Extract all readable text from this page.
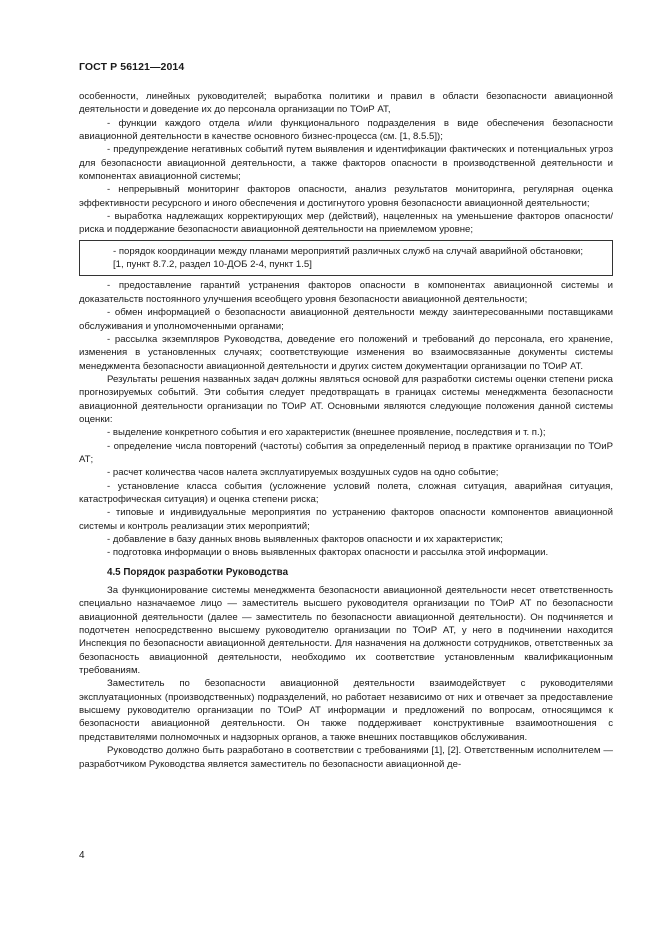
ГОСТ Р 56121—2014

особенности, линейных руководителей; выработка политики и правил в области безопасности авиационной деятельности и доведение их до персонала организации по ТОиР АТ,

- функции каждого отдела и/или функционального подразделения в виде обеспечения безопасности авиационной деятельности в качестве основного бизнес-процесса (см. [1, 8.5.5]);

- предупреждение негативных событий путем выявления и идентификации фактических и потенциальных угроз для безопасности авиационной деятельности, а также факторов опасности в производственной деятельности и компонентах авиационной системы;

- непрерывный мониторинг факторов опасности, анализ результатов мониторинга, регулярная оценка эффективности ресурсного и иного обеспечения и достигнутого уровня безопасности авиационной деятельности;

- выработка надлежащих корректирующих мер (действий), нацеленных на уменьшение факторов опасности/риска и поддержание безопасности авиационной деятельности на приемлемом уровне;

- порядок координации между планами мероприятий различных служб на случай аварийной обстановки;

[1, пункт 8.7.2, раздел 10-ДОБ 2-4, пункт 1.5]

- предоставление гарантий устранения факторов опасности в компонентах авиационной системы и доказательств постоянного улучшения всеобщего уровня безопасности авиационной деятельности;

- обмен информацией о безопасности авиационной деятельности между заинтересованными поставщиками обслуживания и уполномоченными органами;

- рассылка экземпляров Руководства, доведение его положений и требований до персонала, его хранение, изменения в установленных случаях; соответствующие изменения во взаимосвязанные документы системы менеджмента безопасности авиационной деятельности и других систем документации организации по ТОиР АТ.

Результаты решения названных задач должны являться основой для разработки системы оценки степени риска прогнозируемых событий. Эти события следует предотвращать в границах системы менеджмента безопасности авиационной деятельности организации по ТОиР АТ. Основными являются следующие положения данной системы оценки:

- выделение конкретного события и его характеристик (внешнее проявление, последствия и т. п.);

- определение числа повторений (частоты) события за определенный период в практике организации по ТОиР АТ;

- расчет количества часов налета эксплуатируемых воздушных судов на одно событие;

- установление класса события (усложнение условий полета, сложная ситуация, аварийная ситуация, катастрофическая ситуация) и оценка степени риска;

- типовые и индивидуальные мероприятия по устранению факторов опасности компонентов авиационной системы и контроль реализации этих мероприятий;

- добавление в базу данных вновь выявленных факторов опасности и их характеристик;

- подготовка информации о вновь выявленных факторах опасности и рассылка этой информации.

4.5 Порядок разработки Руководства

За функционирование системы менеджмента безопасности авиационной деятельности несет ответственность специально назначаемое лицо — заместитель высшего руководителя организации по ТОиР АТ по безопасности авиационной деятельности (далее — заместитель по безопасности авиационной деятельности). Он подчиняется и подотчетен непосредственно высшему руководителю организации по ТОиР АТ, у него в подчинении находится Инспекция по безопасности авиационной деятельности. Для назначения на должности сотрудников, ответственных за безопасность авиационной деятельности, необходимо их соответствие установленным квалификационным требованиям.

Заместитель по безопасности авиационной деятельности взаимодействует с руководителями эксплуатационных (производственных) подразделений, но работает независимо от них и отвечает за предоставление высшему руководителю организации по ТОиР АТ информации и предложений по вопросам, относящимся к безопасности авиационной деятельности. Он также поддерживает конструктивные взаимоотношения с представителями полномочных и надзорных органов, а также внешних поставщиков обслуживания.

Руководство должно быть разработано в соответствии с требованиями [1], [2]. Ответственным исполнителем — разработчиком Руководства является заместитель по безопасности авиационной де-

4
